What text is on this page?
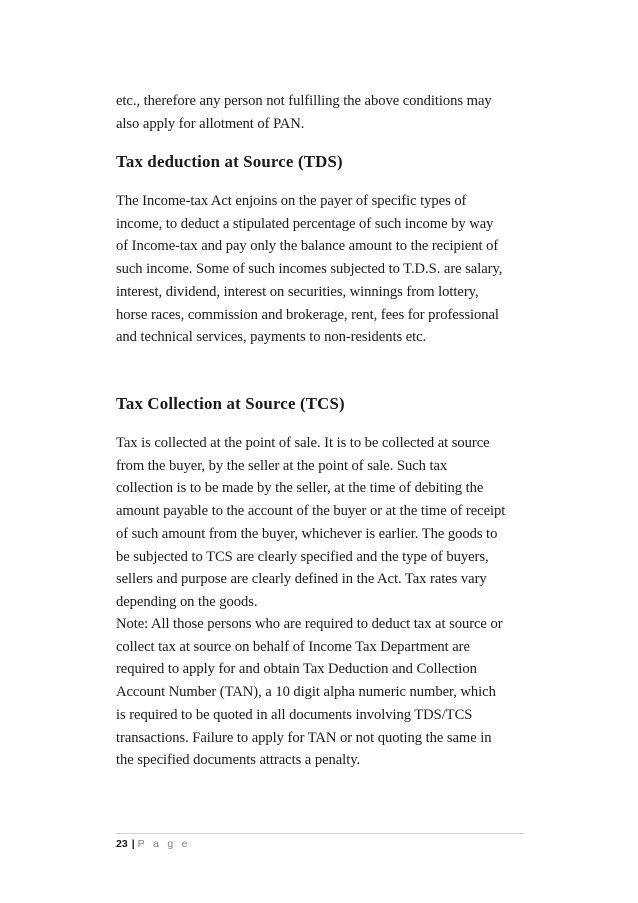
etc., therefore any person not fulfilling the above conditions may
also apply for allotment of PAN.

Tax deduction at Source (TDS)

The Income-tax Act enjoins on the payer of specific types of
income, to deduct a stipulated percentage of such income by way
of Income-tax and pay only the balance amount to the recipient of
such income. Some of such incomes subjected to T.D.S. are salary,
interest, dividend, interest on securities, winnings from lottery,
horse races, commission and brokerage, rent, fees for professional
and technical services, payments to non-residents etc.

Tax Collection at Source (TCS)

Tax is collected at the point of sale. It is to be collected at source
from the buyer, by the seller at the point of sale. Such tax
collection is to be made by the seller, at the time of debiting the
amount payable to the account of the buyer or at the time of receipt
of such amount from the buyer, whichever is earlier. The goods to
be subjected to TCS are clearly specified and the type of buyers,
sellers and purpose are clearly defined in the Act. Tax rates vary
depending on the goods.

Note: All those persons who are required to deduct tax at source or
collect tax at source on behalf of Income Tax Department are
required to apply for and obtain Tax Deduction and Collection
Account Number (TAN), a 10 digit alpha numeric number, which
is required to be quoted in all documents involving TDS/TCS
transactions. Failure to apply for TAN or not quoting the same in
the specified documents attracts a penalty.

23 | P a g e
